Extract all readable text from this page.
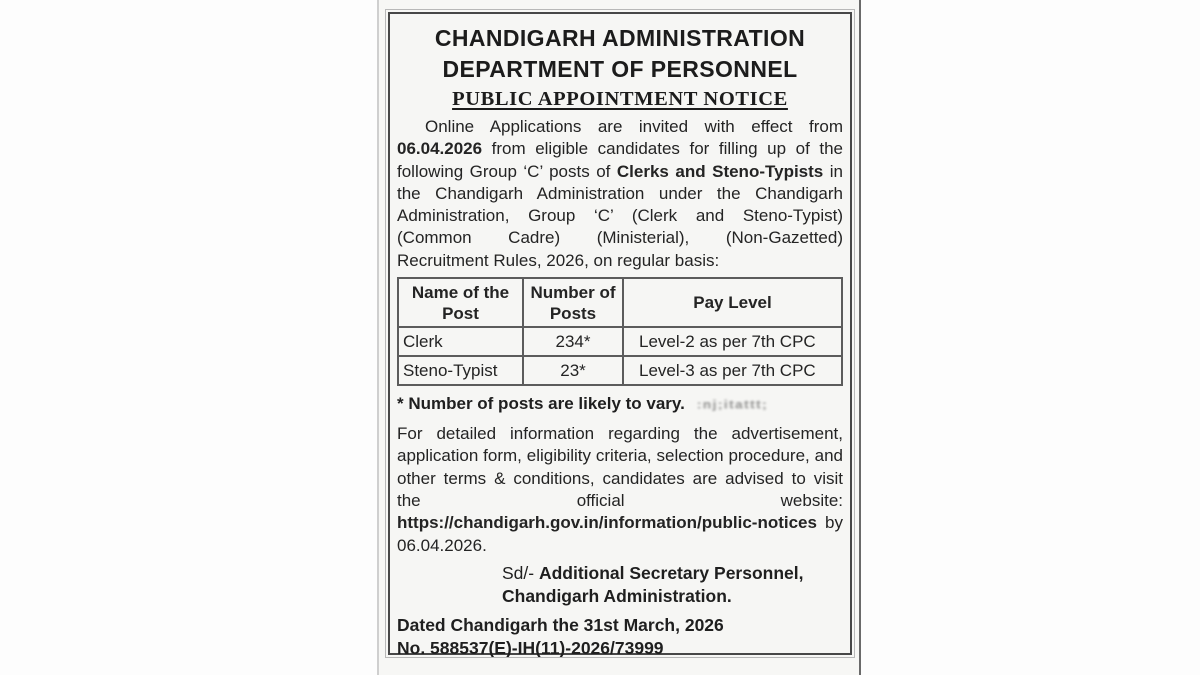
CHANDIGARH ADMINISTRATION
DEPARTMENT OF PERSONNEL
PUBLIC APPOINTMENT NOTICE

Online Applications are invited with effect from 06.04.2026 from eligible candidates for filling up of the following Group ‘C’ posts of Clerks and Steno-Typists in the Chandigarh Administration under the Chandigarh Administration, Group ‘C’ (Clerk and Steno-Typist) (Common Cadre) (Ministerial), (Non-Gazetted) Recruitment Rules, 2026, on regular basis:

Name of the Post	Number of Posts	Pay Level
Clerk	234*	Level-2 as per 7th CPC
Steno-Typist	23*	Level-3 as per 7th CPC
* Number of posts are likely to vary. :nj;itattt;

For detailed information regarding the advertisement, application form, eligibility criteria, selection procedure, and other terms & conditions, candidates are advised to visit the official website: https://chandigarh.gov.in/information/public-notices by 06.04.2026.

Sd/- Additional Secretary Personnel,
Chandigarh Administration.
Dated Chandigarh the 31st March, 2026
No. 588537(E)-IH(11)-2026/73999
